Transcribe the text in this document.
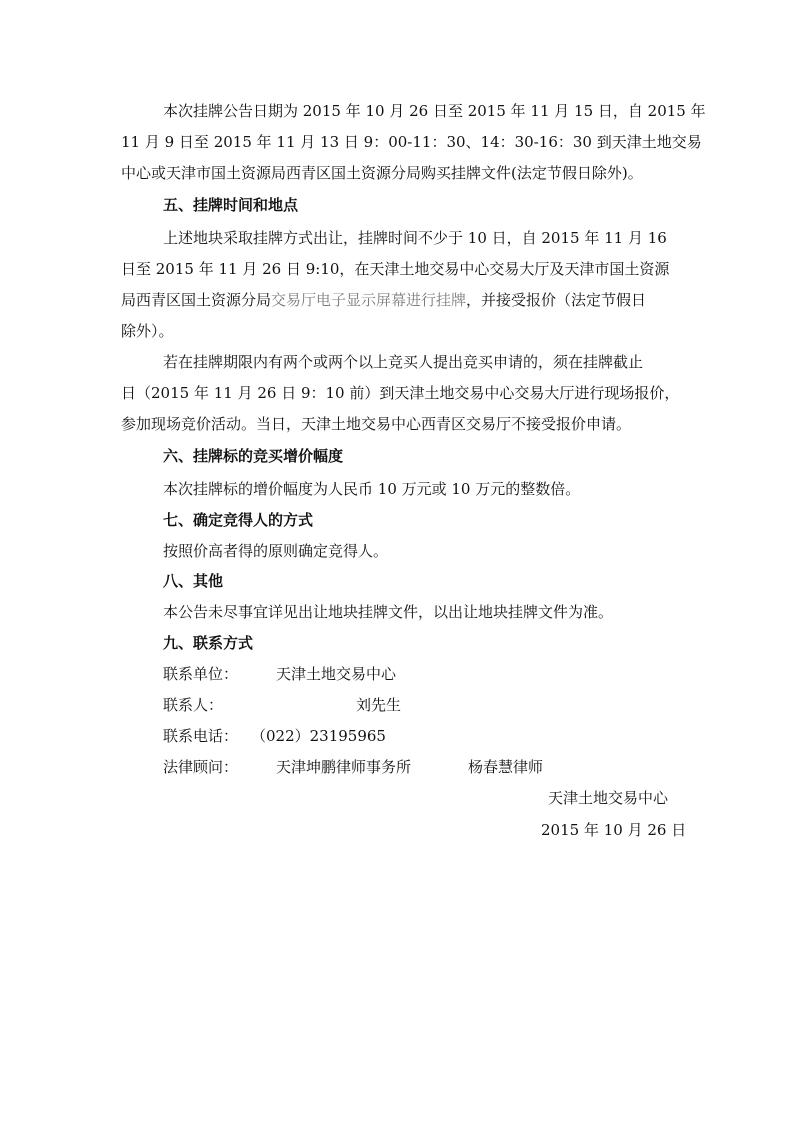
本次挂牌公告日期为 2015 年 10 月 26 日至 2015 年 11 月 15 日，自 2015 年
11 月 9 日至 2015 年 11 月 13 日 9：00-11：30、14：30-16：30 到天津土地交易
中心或天津市国土资源局西青区国土资源分局购买挂牌文件(法定节假日除外)。
五、挂牌时间和地点
上述地块采取挂牌方式出让，挂牌时间不少于 10 日，自 2015 年 11 月 16
日至 2015 年 11 月 26 日 9:10，在天津土地交易中心交易大厅及天津市国土资源
局西青区国土资源分局交易厅电子显示屏幕进行挂牌，并接受报价（法定节假日
除外）。
若在挂牌期限内有两个或两个以上竞买人提出竞买申请的，须在挂牌截止
日（2015 年 11 月 26 日 9：10 前）到天津土地交易中心交易大厅进行现场报价，
参加现场竞价活动。当日，天津土地交易中心西青区交易厅不接受报价申请。
六、挂牌标的竞买增价幅度
本次挂牌标的增价幅度为人民币 10 万元或 10 万元的整数倍。
七、确定竞得人的方式
按照价高者得的原则确定竞得人。
八、其他
本公告未尽事宜详见出让地块挂牌文件，以出让地块挂牌文件为准。
九、联系方式
联系单位：	天津土地交易中心
联系人：	刘先生
联系电话： （022）23195965
法律顾问：	天津坤鹏律师事务所	杨春慧律师
天津土地交易中心
2015 年 10 月 26 日
